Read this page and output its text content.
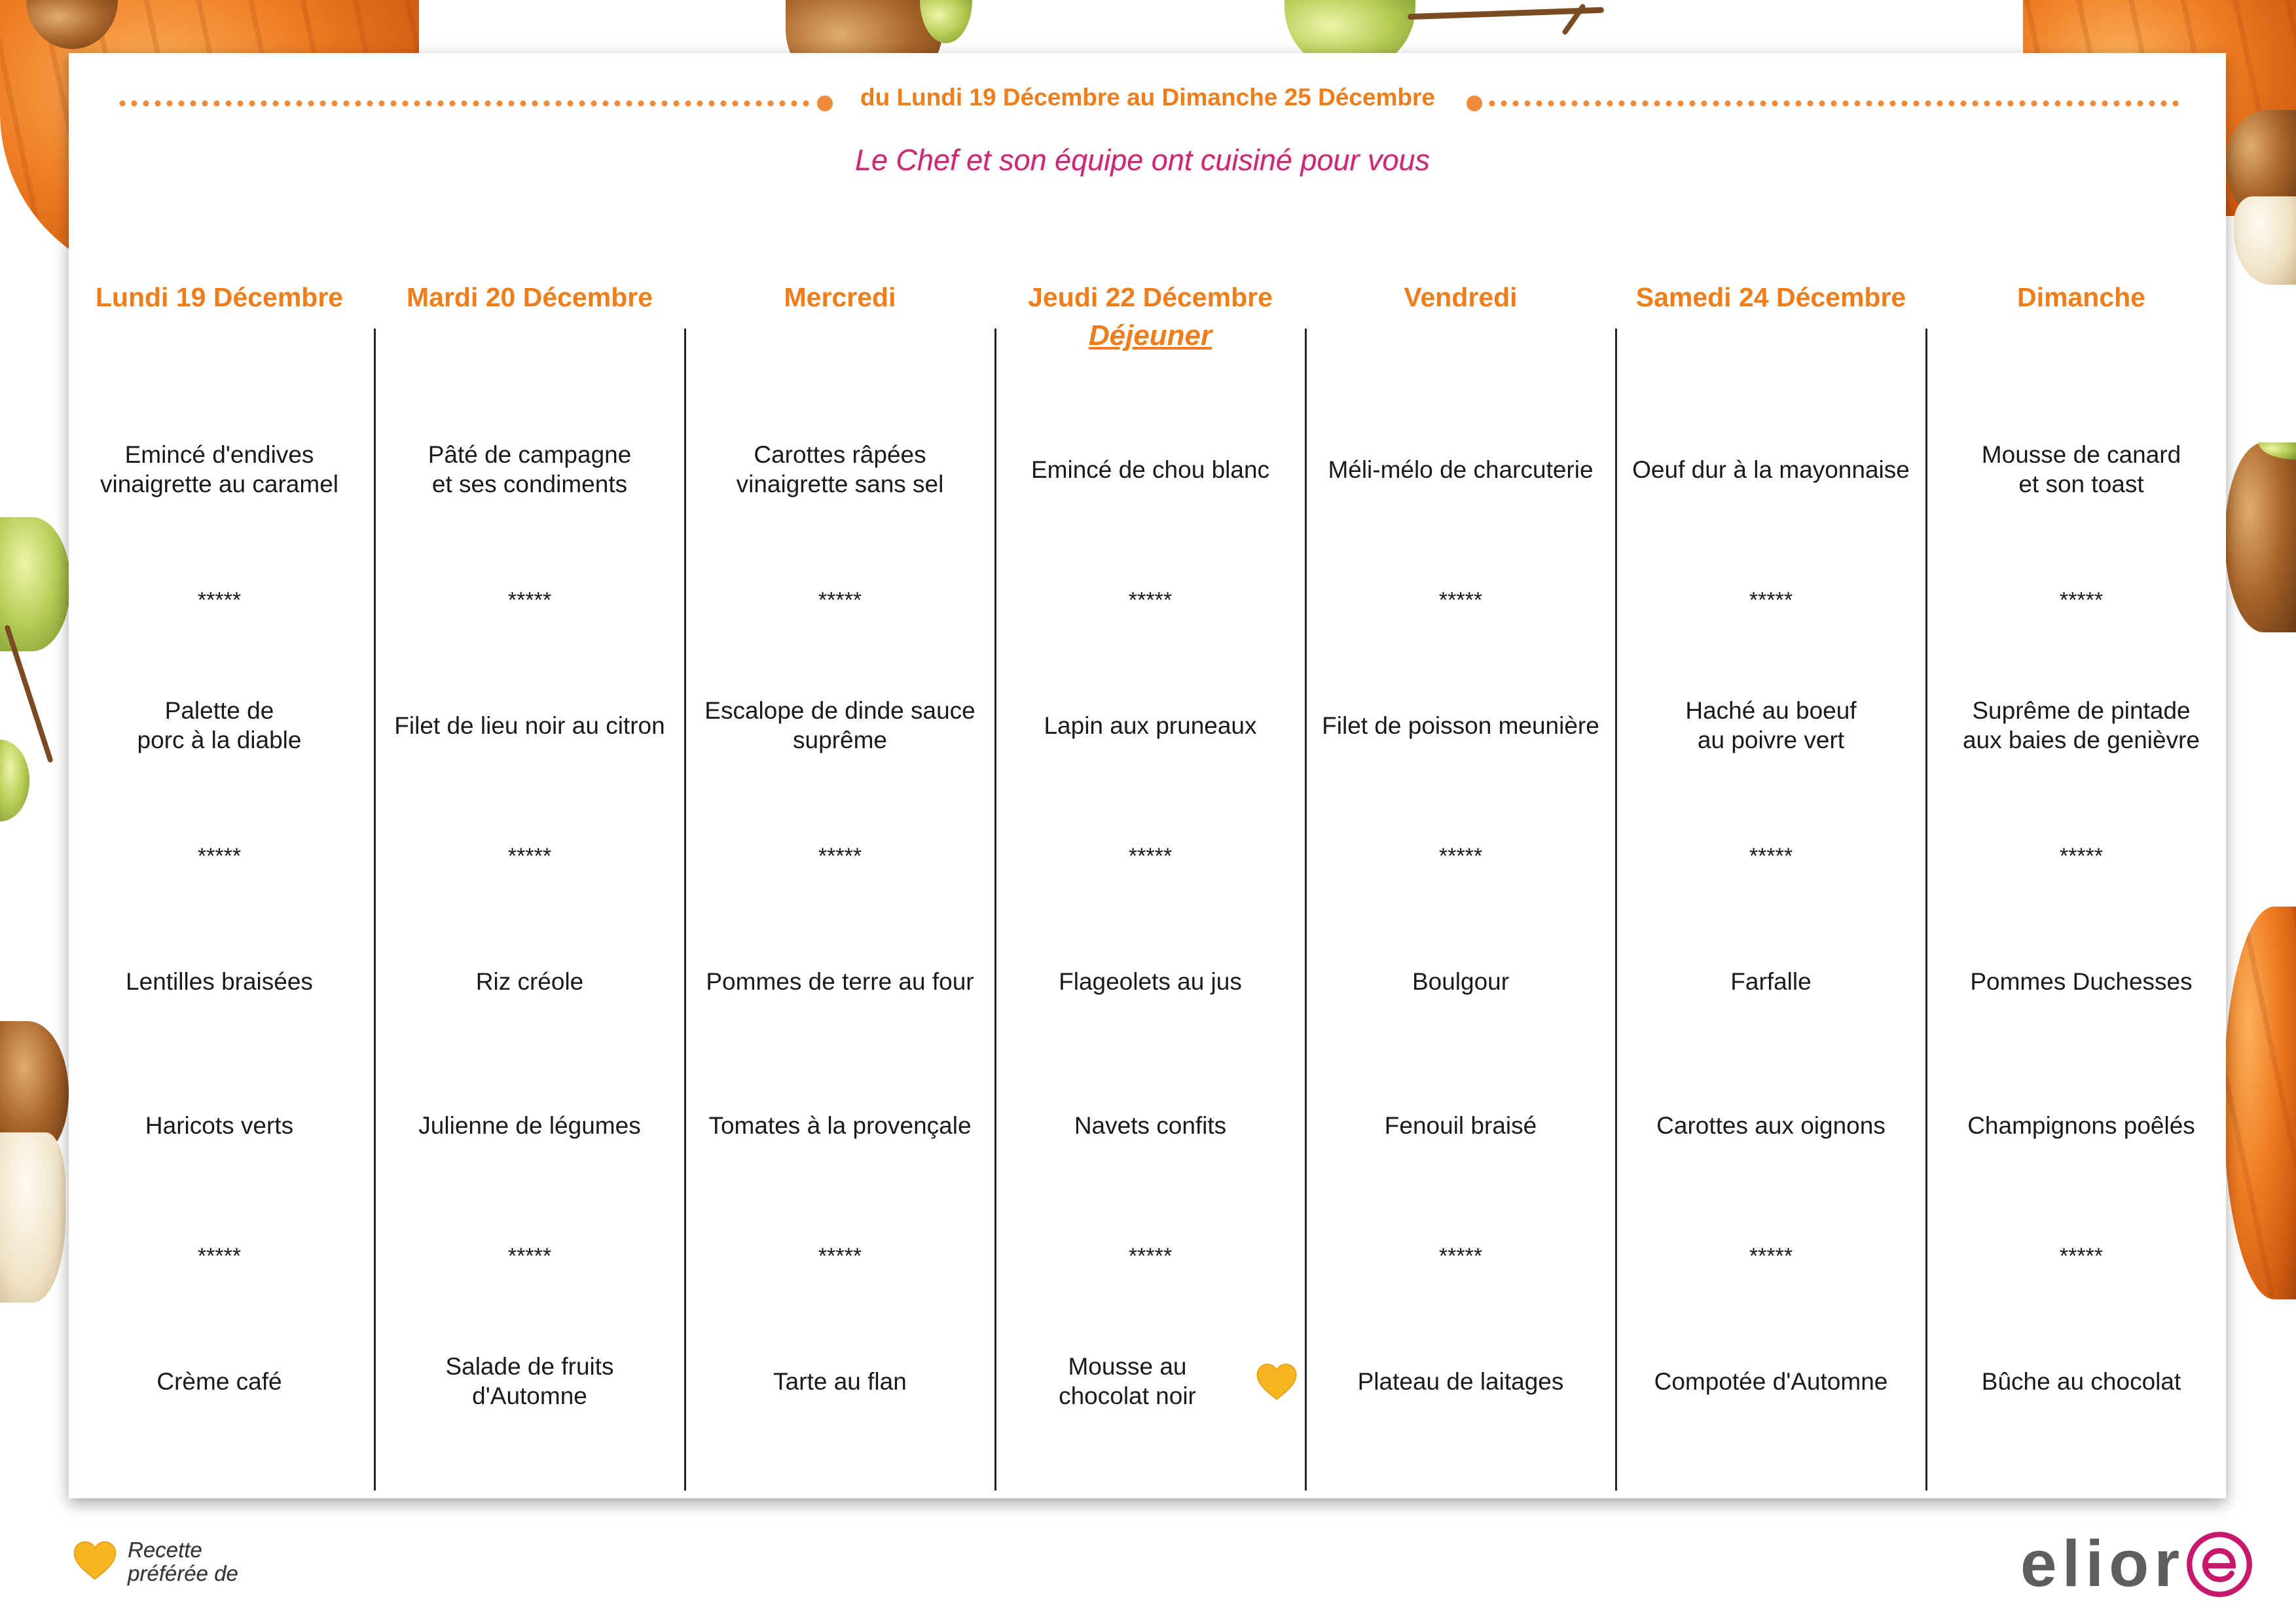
du Lundi 19 Décembre au Dimanche 25 Décembre
Le Chef et son équipe ont cuisiné pour vous
Lundi 19 Décembre
Emincé d'endives
vinaigrette au caramel
*****
Palette de
porc à la diable
*****
Lentilles braisées
Haricots verts
*****
Crème café
Mardi 20 Décembre
Pâté de campagne
et ses condiments
*****
Filet de lieu noir au citron
*****
Riz créole
Julienne de légumes
*****
Salade de fruits
d'Automne
Mercredi
Carottes râpées
vinaigrette sans sel
*****
Escalope de dinde sauce
suprême
*****
Pommes de terre au four
Tomates à la provençale
*****
Tarte au flan
Jeudi 22 Décembre
Déjeuner
Emincé de chou blanc
*****
Lapin aux pruneaux
*****
Flageolets au jus
Navets confits
*****
Mousse au
chocolat noir
Vendredi
Méli-mélo de charcuterie
*****
Filet de poisson meunière
*****
Boulgour
Fenouil braisé
*****
Plateau de laitages
Samedi 24 Décembre
Oeuf dur à la mayonnaise
*****
Haché au boeuf
au poivre vert
*****
Farfalle
Carottes aux oignons
*****
Compotée d'Automne
Dimanche
Mousse de canard
et son toast
*****
Suprême de pintade
aux baies de genièvre
*****
Pommes Duchesses
Champignons poêlés
*****
Bûche au chocolat
Recette
préférée de	elior
